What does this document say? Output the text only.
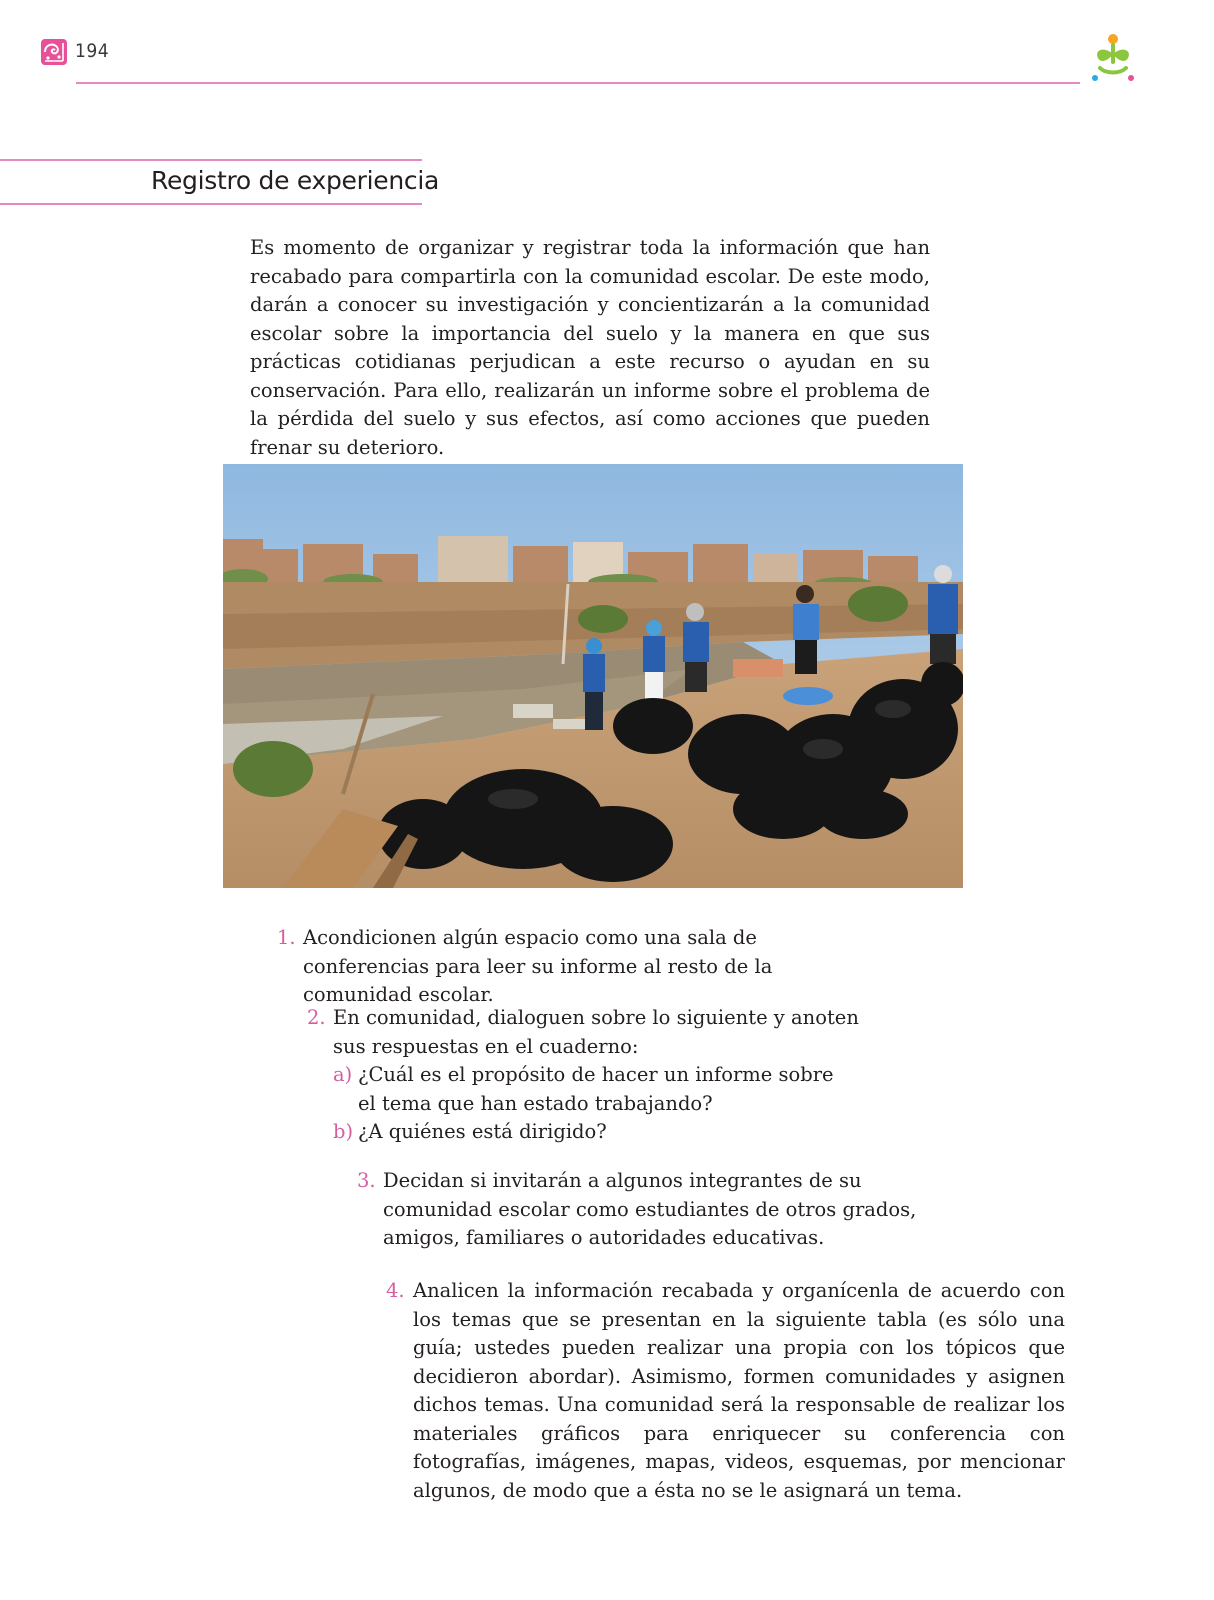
194
Registro de experiencia

Es momento de organizar y registrar toda la información que han recabado para compartirla con la comunidad escolar. De este modo, darán a conocer su investigación y concientizarán a la comunidad escolar sobre la importancia del suelo y la manera en que sus prácticas cotidianas perjudican a este recurso o ayudan en su conservación. Para ello, realizarán un informe sobre el problema de la pérdida del suelo y sus efectos, así como acciones que pueden frenar su deterioro.

1. Acondicionen algún espacio como una sala de conferencias para leer su informe al resto de la comunidad escolar.
2. En comunidad, dialoguen sobre lo siguiente y anoten sus respuestas en el cuaderno:
a) ¿Cuál es el propósito de hacer un informe sobre el tema que han estado trabajando?
b) ¿A quiénes está dirigido?
3. Decidan si invitarán a algunos integrantes de su comunidad escolar como estudiantes de otros grados, amigos, familiares o autoridades educativas.
4. Analicen la información recabada y organícenla de acuerdo con los temas que se presentan en la siguiente tabla (es sólo una guía; ustedes pueden realizar una propia con los tópicos que decidieron abordar). Asimismo, formen comunidades y asignen dichos temas. Una comunidad será la responsable de realizar los materiales gráficos para enriquecer su conferencia con fotografías, imágenes, mapas, videos, esquemas, por mencionar algunos, de modo que a ésta no se le asignará un tema.
